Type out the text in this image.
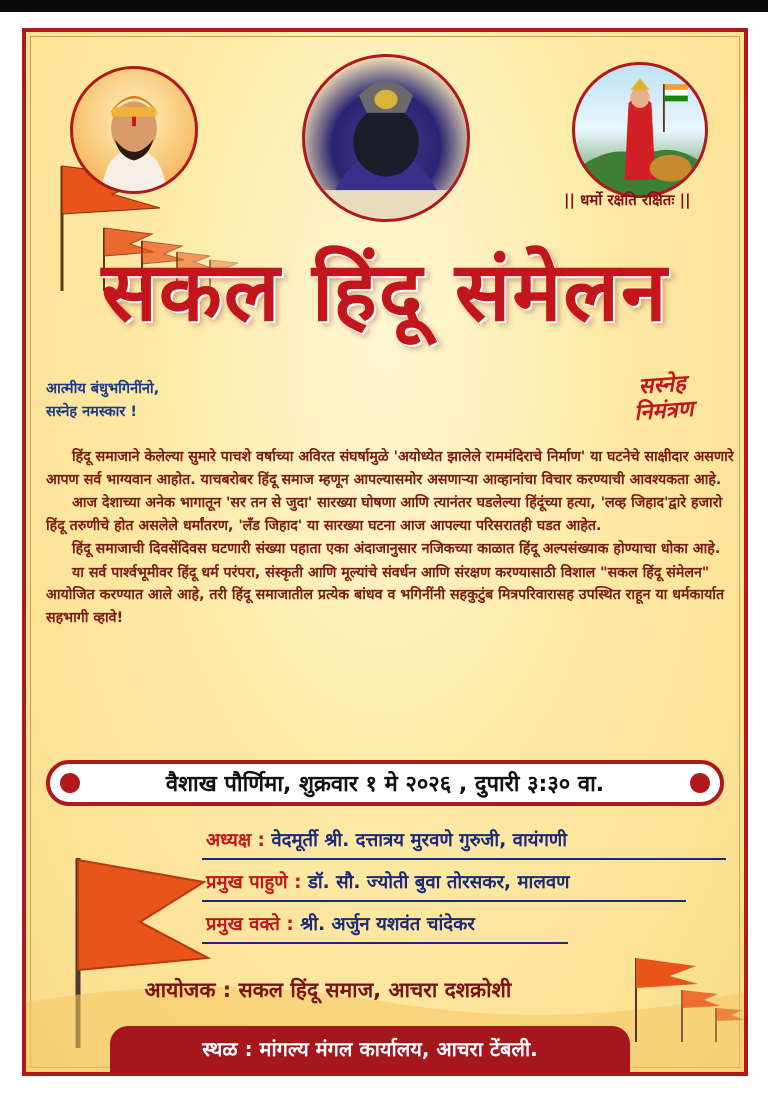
|| धर्मो रक्षति रक्षितः ||
सकल हिंदू संमेलन
आत्मीय बंधुभगिनींनो,
सस्नेह नमस्कार !
सस्नेह
निमंत्रण

हिंदू समाजाने केलेल्या सुमारे पाचशे वर्षाच्या अविरत संघर्षामुळे 'अयोध्येत झालेले राममंदिराचे निर्माण' या घटनेचे साक्षीदार असणारे आपण सर्व भाग्यवान आहोत. याचबरोबर हिंदू समाज म्हणून आपल्यासमोर असणाऱ्या आव्हानांचा विचार करण्याची आवश्यकता आहे.

आज देशाच्या अनेक भागातून 'सर तन से जुदा' सारख्या घोषणा आणि त्यानंतर घडलेल्या हिंदूंच्या हत्या, 'लव्ह जिहाद'द्वारे हजारो हिंदू तरुणीचे होत असलेले धर्मांतरण, 'लँड जिहाद' या सारख्या घटना आज आपल्या परिसरातही घडत आहेत.

हिंदू समाजाची दिवसेंदिवस घटणारी संख्या पहाता एका अंदाजानुसार नजिकच्या काळात हिंदू अल्पसंख्याक होण्याचा धोका आहे.

या सर्व पार्श्वभूमीवर हिंदू धर्म परंपरा, संस्कृती आणि मूल्यांचे संवर्धन आणि संरक्षण करण्यासाठी विशाल "सकल हिंदू संमेलन" आयोजित करण्यात आले आहे, तरी हिंदू समाजातील प्रत्येक बांधव व भगिनींनी सहकुटुंब मित्रपरिवारासह उपस्थित राहून या धर्मकार्यात सहभागी व्हावे!

वैशाख पौर्णिमा, शुक्रवार १ मे २०२६ , दुपारी ३:३० वा.
अध्यक्ष : वेदमूर्ती श्री. दत्तात्रय मुरवणे गुरुजी, वायंगणी
प्रमुख पाहुणे : डॉ. सौ. ज्योती बुवा तोरसकर, मालवण
प्रमुख वक्ते : श्री. अर्जुन यशवंत चांदेकर
आयोजक : सकल हिंदू समाज, आचरा दशक्रोशी
स्थळ : मांगल्य मंगल कार्यालय, आचरा टेंबली.
